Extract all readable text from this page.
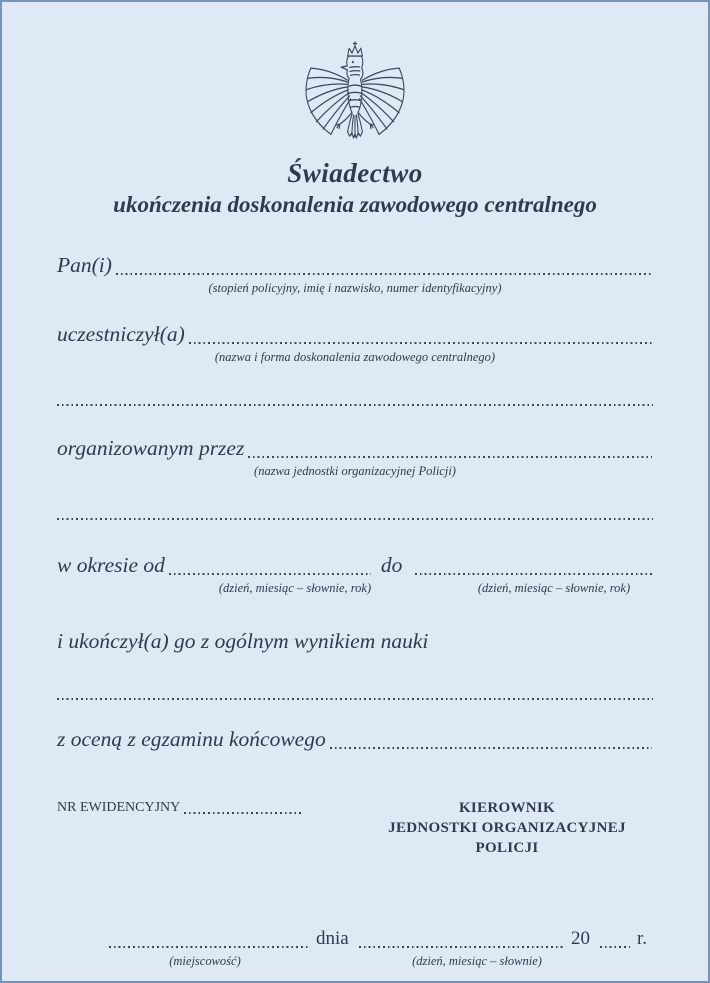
Świadectwo
ukończenia doskonalenia zawodowego centralnego
Pan(i)
(stopień policyjny, imię i nazwisko, numer identyfikacyjny)
uczestniczył(a)
(nazwa i forma doskonalenia zawodowego centralnego)
organizowanym przez
(nazwa jednostki organizacyjnej Policji)
w okresie od	do
(dzień, miesiąc – słownie, rok)	(dzień, miesiąc – słownie, rok)
i ukończył(a) go z ogólnym wynikiem nauki
z oceną z egzaminu końcowego
NR EWIDENCYJNY	KIEROWNIK
JEDNOSTKI ORGANIZACYJNEJ POLICJI
dnia	20 r.
(miejscowość)	(dzień, miesiąc – słownie)
